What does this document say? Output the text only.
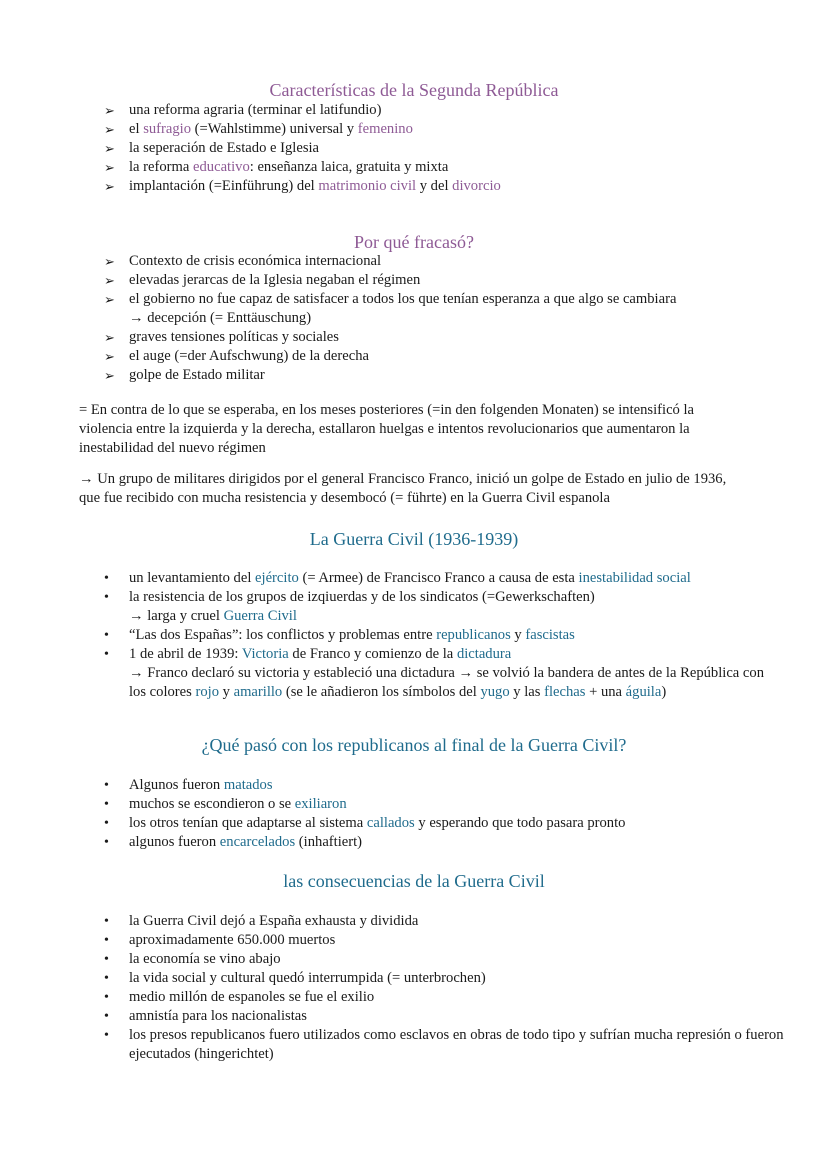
Características de la Segunda República
➢ una reforma agraria (terminar el latifundio)
➢ el sufragio (=Wahlstimme) universal y femenino
➢ la seperación de Estado e Iglesia
➢ la reforma educativo: enseñanza laica, gratuita y mixta
➢ implantación (=Einführung) del matrimonio civil y del divorcio
Por qué fracasó?
➢ Contexto de crisis económica internacional
➢ elevadas jerarcas de la Iglesia negaban el régimen
➢ el gobierno no fue capaz de satisfacer a todos los que tenían esperanza a que algo se cambiara
→ decepción (= Enttäuschung)
➢ graves tensiones políticas y sociales
➢ el auge (=der Aufschwung) de la derecha
➢ golpe de Estado militar
= En contra de lo que se esperaba, en los meses posteriores (=in den folgenden Monaten) se intensificó la violencia entre la izquierda y la derecha, estallaron huelgas e intentos revolucionarios que aumentaron la inestabilidad del nuevo régimen
→ Un grupo de militares dirigidos por el general Francisco Franco, inició un golpe de Estado en julio de 1936, que fue recibido con mucha resistencia y desembocó (= führte) en la Guerra Civil espanola
La Guerra Civil (1936-1939)
•	un levantamiento del ejército (= Armee) de Francisco Franco a causa de esta inestabilidad social
•	la resistencia de los grupos de izqiuerdas y de los sindicatos (=Gewerkschaften)
→ larga y cruel Guerra Civil
•	“Las dos Españas”: los conflictos y problemas entre republicanos y fascistas
•	1 de abril de 1939: Victoria de Franco y comienzo de la dictadura
→ Franco declaró su victoria y estableció una dictadura → se volvió la bandera de antes de la República con los colores rojo y amarillo (se le añadieron los símbolos del yugo y las flechas + una águila)
¿Qué pasó con los republicanos al final de la Guerra Civil?
•	Algunos fueron matados
•	muchos se escondieron o se exiliaron
•	los otros tenían que adaptarse al sistema callados y esperando que todo pasara pronto
•	algunos fueron encarcelados (inhaftiert)
las consecuencias de la Guerra Civil
•	la Guerra Civil dejó a España exhausta y dividida
•	aproximadamente 650.000 muertos
•	la economía se vino abajo
•	la vida social y cultural quedó interrumpida (= unterbrochen)
•	medio millón de espanoles se fue el exilio
•	amnistía para los nacionalistas
•	los presos republicanos fuero utilizados como esclavos en obras de todo tipo y sufrían mucha represión o fueron ejecutados (hingerichtet)
